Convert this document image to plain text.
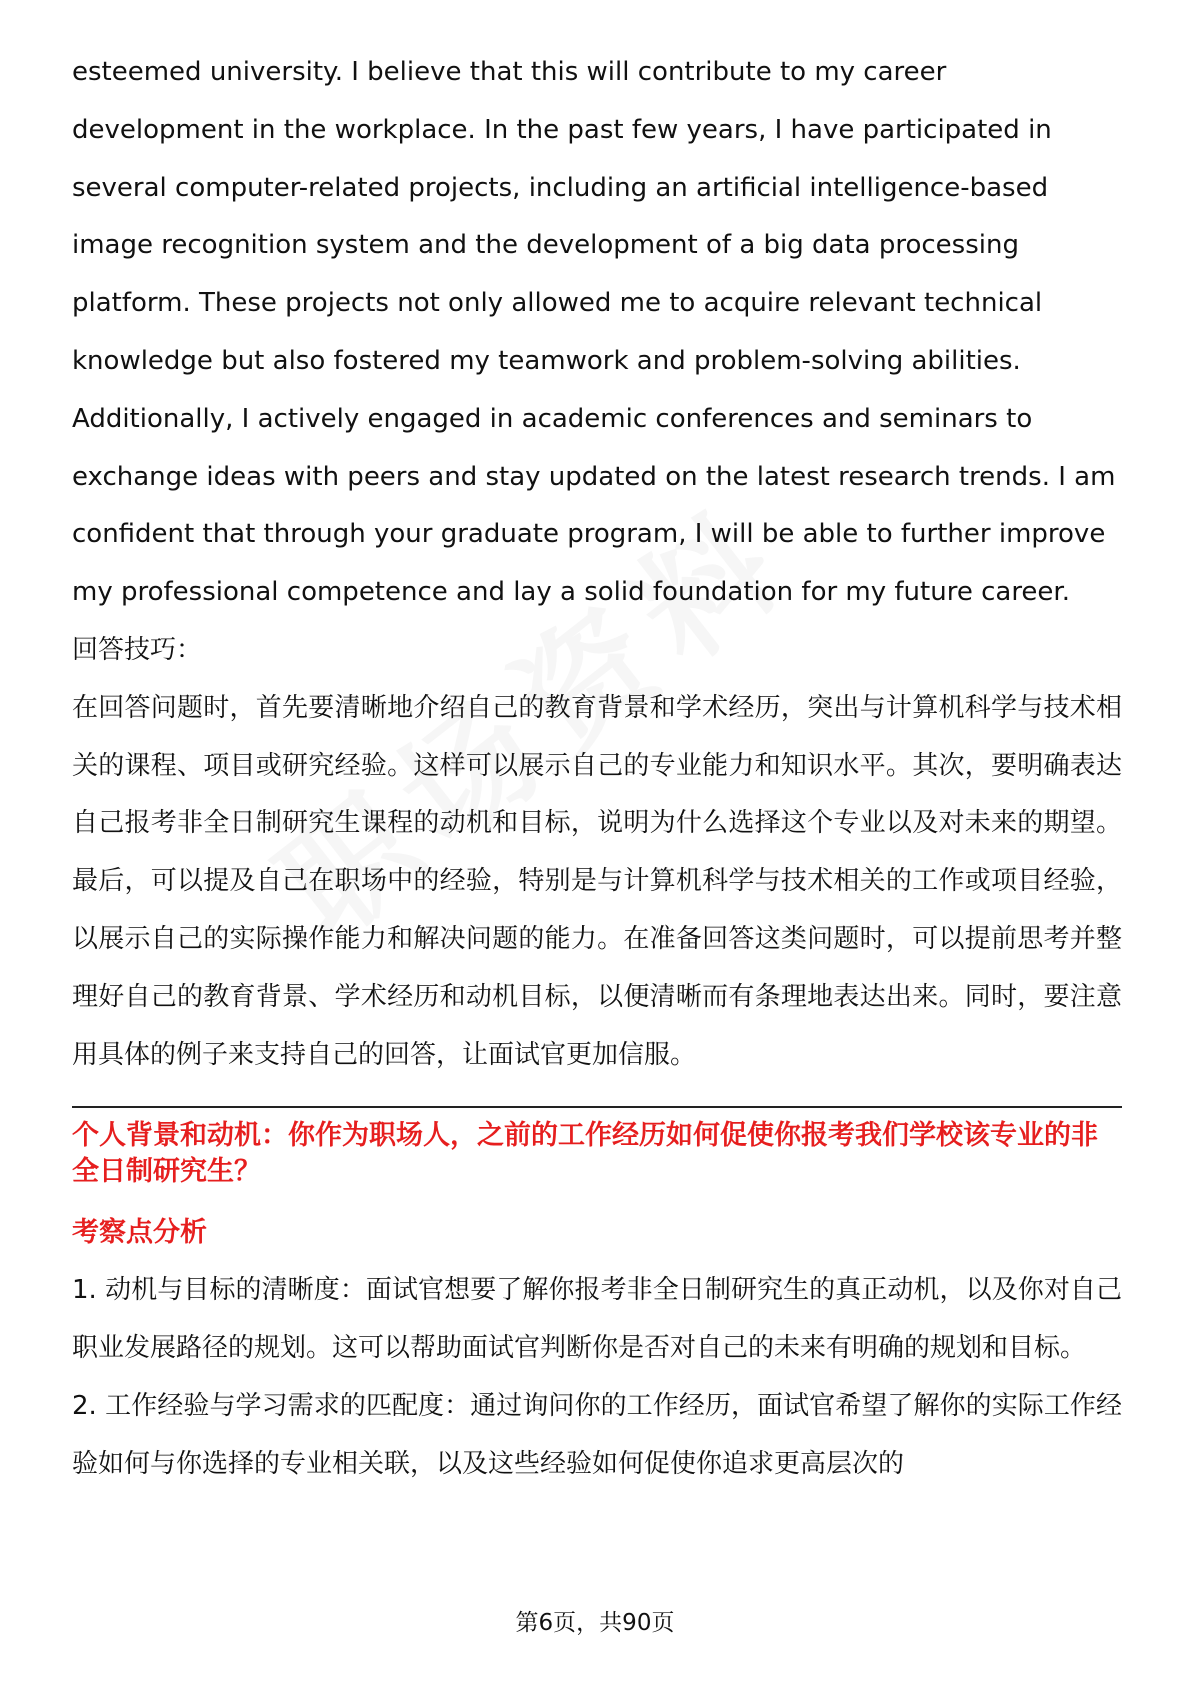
esteemed university. I believe that this will contribute to my career development in the workplace. In the past few years, I have participated in several computer-related projects, including an artificial intelligence-based image recognition system and the development of a big data processing platform. These projects not only allowed me to acquire relevant technical knowledge but also fostered my teamwork and problem-solving abilities. Additionally, I actively engaged in academic conferences and seminars to exchange ideas with peers and stay updated on the latest research trends. I am confident that through your graduate program, I will be able to further improve my professional competence and lay a solid foundation for my future career.

回答技巧：

在回答问题时，首先要清晰地介绍自己的教育背景和学术经历，突出与计算机科学与技术相关的课程、项目或研究经验。这样可以展示自己的专业能力和知识水平。其次，要明确表达自己报考非全日制研究生课程的动机和目标，说明为什么选择这个专业以及对未来的期望。最后，可以提及自己在职场中的经验，特别是与计算机科学与技术相关的工作或项目经验，以展示自己的实际操作能力和解决问题的能力。在准备回答这类问题时，可以提前思考并整理好自己的教育背景、学术经历和动机目标，以便清晰而有条理地表达出来。同时，要注意用具体的例子来支持自己的回答，让面试官更加信服。

个人背景和动机：你作为职场人，之前的工作经历如何促使你报考我们学校该专业的非全日制研究生？

考察点分析

1. 动机与目标的清晰度：面试官想要了解你报考非全日制研究生的真正动机，以及你对自己职业发展路径的规划。这可以帮助面试官判断你是否对自己的未来有明确的规划和目标。

2. 工作经验与学习需求的匹配度：通过询问你的工作经历，面试官希望了解你的实际工作经验如何与你选择的专业相关联，以及这些经验如何促使你追求更高层次的

第6页，共90页
